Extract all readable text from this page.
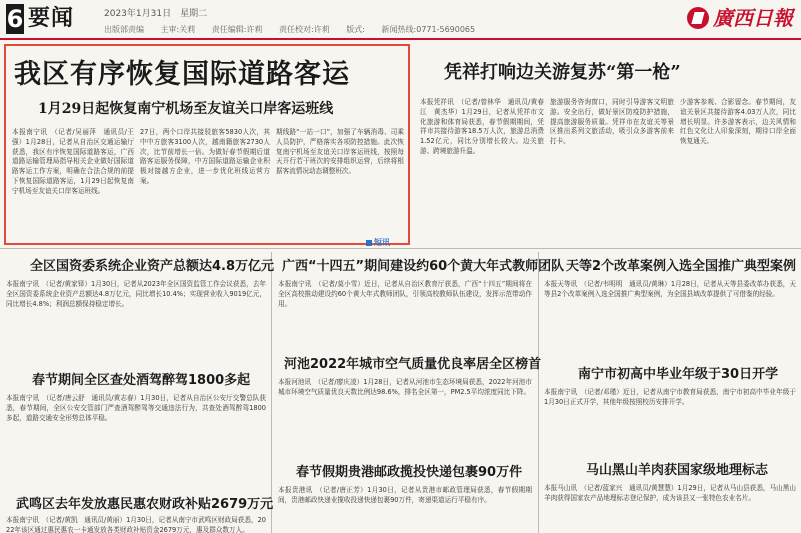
6 要闻	2023年1月31日　星期二
出版部责编 主审:关莉 责任编辑:许莉 责任校对:许莉 版式: 新闻热线:0771-5690065	廣西日報
我区有序恢复国际道路客运
1月29日起恢复南宁机场至友谊关口岸客运班线
本报南宁讯　（记者/吴丽萍　通讯员/王强）1月28日，记者从自治区交通运输厅获悉，我区有序恢复国际道路客运，广西道路运输管理局指导相关企业做好国际道路客运工作方案，明确在合法合规的前提下恢复国际道路客运，1月29日起恢复南宁机场至友谊关口岸客运班线。
27日，两个口岸共接驳旅客5830人次，其中中方旅客3100人次，越南籍旅客2730人次，比节前增长一倍。为做好春节假期后道路客运服务保障，中方国际道路运输企业积极对接越方企业，进一步优化班线运营方案。
期线路“一站一口”，加强了车辆消毒、司乘人员防护，严格落实各项防控措施。此次恢复南宁机场至友谊关口岸客运班线，按照每天开行若干班次的安排组织运营，后续将根据客流情况动态调整班次。
凭祥打响边关游复苏“第一枪”
本报凭祥讯　（记者/曾林华　通讯员/黄春江　黄杰华）1月29日，记者从凭祥市文化旅游和体育局获悉，春节假期期间，凭祥市共接待游客18.5万人次，旅游总消费1.52亿元，同比分别增长较大。边关旅游、跨境旅游升温。
旅游服务咨询窗口，同时引导游客文明旅游。安全出行，做好景区防疫防护措施，提高旅游服务质量。凭祥市在友谊关等景区推出系列文旅活动，吸引众多游客前来打卡。
少游客参观、合影留念。春节期间，友谊关景区共接待游客4.03万人次，同比增长明显。许多游客表示，边关风情和红色文化让人印象深刻，期待口岸全面恢复通关。
短讯
全区国资委系统企业资产总额达4.8万亿元
本报南宁讯　（记者/黄家铎）1月30日，记者从2023年全区国资监管工作会议获悉，去年全区国资委系统企业资产总额达4.8万亿元，同比增长10.4%；实现营业收入9019亿元，同比增长4.8%；利润总额保持稳定增长。
广西“十四五”期间建设约60个黄大年式教师团队
本报南宁讯　（记者/莫小雪）近日，记者从自治区教育厅获悉，广西“十四五”期间将在全区高校推动建设约60个黄大年式教师团队，引领高校教师队伍建设，发挥示范带动作用。
天等2个改革案例入选全国推广典型案例
本报天等讯　（记者/韦明明　通讯员/黄琳）1月28日，记者从天等县委改革办获悉，天等县2个改革案例入选全国推广典型案例，为全国县域改革提供了可借鉴的经验。
春节期间全区查处酒驾醉驾1800多起
本报南宁讯　（记者/唐云舒　通讯员/黄志春）1月30日，记者从自治区公安厅交警总队获悉，春节期间，全区公安交管部门严查酒驾醉驾等交通违法行为，共查处酒驾醉驾1800多起，道路交通安全形势总体平稳。
河池2022年城市空气质量优良率居全区榜首
本报河池讯　（记者/廖庆凌）1月28日，记者从河池市生态环境局获悉，2022年河池市城市环境空气质量优良天数比例达98.6%，排名全区第一，PM2.5平均浓度同比下降。
南宁市初高中毕业年级于30日开学
本报南宁讯　（记者/邓瑾）近日，记者从南宁市教育局获悉，南宁市初高中毕业年级于1月30日正式开学，其他年级按照校历安排开学。
武鸣区去年发放惠民惠农财政补贴2679万元
本报南宁讯　（记者/黄凯　通讯员/黄丽）1月30日，记者从南宁市武鸣区财政局获悉，2022年该区通过惠民惠农一卡通发放各类财政补贴资金2679万元，惠及群众数万人。
春节假期贵港邮政揽投快递包裹90万件
本报贵港讯　（记者/唐正芳）1月30日，记者从贵港市邮政管理局获悉，春节假期期间，贵港邮政快递业揽收投递快递包裹90万件，寄递渠道运行平稳有序。
马山黑山羊肉获国家级地理标志
本报马山讯　（记者/蓝家兴　通讯员/黄慧慧）1月29日，记者从马山县获悉，马山黑山羊肉获得国家农产品地理标志登记保护，成为该县又一张特色农业名片。
